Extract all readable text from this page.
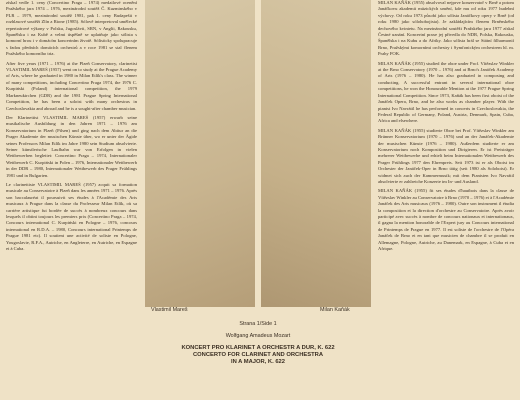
získal vedle 1. ceny (Concertino Praga – 1974) medailové ocenění Pražského jara 1974 – 1976, mezinárodní soutěž Č. Kuzminského v PLR – 1979, mezinárodní soutěž 1981, pak 1. ceny Budapešti v rozhlasové soutěži Zlín a Rione (1985). Sólově interpretoval umělecké repertoárové výkony v Polsku, Jugoslávii, SRN, v Anglii, Rakousku, Španělsku i na Kubě a velmi úspěšně se uplatňuje jako sólista s komorní hrou i v domácím koncertním životě. Sólisticky spolupracuje s řadou předních domácích orchestrů a v roce 1981 se stal členem Pražského komorního tria.

After five years (1971 – 1976) at the Plzeň Conservatory, clarinetist VLASTIMIL MAREŠ (1957) went on to study at the Prague Academy of Arts, where he graduated in 1980 in Milan Etlík's class. The winner of many competitions, including Concertino Praga 1974, the 1976 C. Kurpiński (Poland) international competition, the 1979 Markneukirchen (GDR) and the 1981 Prague Spring International Competition, he has been a soloist with many orchestras in Czechoslovakia and abroad and he is a sought-after chamber musician.

Der Klarinettist VLASTIMIL MAREŠ (1957) erwarb seine musikalische Ausbildung in den Jahren 1971 – 1976 am Konservatorium in Plzeň (Pilsen) und ging nach dem Abitur an die Prager Akademie der musischen Künste über, wo er unter der Ägide seines Professors Milan Etlík im Jahre 1980 sein Studium absolvierte. Seiner künstlerische Laufbahn war von Erfolgen in vielen Wettbewerben begleitet: Concertino Praga – 1974, Internationaler Wettbewerb C. Kurpiński in Polen – 1976, Internationaler Wettbewerb in der DDR – 1980, Internationaler Wettbewerb des Prager Frühlings 1981 und in Bulgarien.

Le clarinettiste VLASTIMIL MAREŠ (1957) acquit sa formation musicale au Conservatoire à Plzeň dans les années 1971 – 1976. Après son baccalauréat il poursuivit ses études à l'Académie des Arts musicaux à Prague dans la classe du Professeur Milan Etlík, où sa carrière artistique fut bordée de succès à nombreux concours dans lesquels il obtint toujours les premiers prix (Concertino Praga – 1974, Concours international C. Kurpiński en Pologne – 1976, concours international en R.D.A. – 1980, Concours international Printemps de Prague 1981 etc). Il soutient une activité de soliste en Pologne, Yougoslavie, R.F.A., Autriche, en Angleterre, en Autriche, en Espagne et à Cuba.

Vlastimil Mareš	Milan Kaňák
Strana 1/Side 1
Wolfgang Amadeus Mozart
KONCERT PRO KLARINET A ORCHESTR A DUR, K. 622
CONCERTO FOR CLARINET AND ORCHESTRA
IN A MAJOR, K. 622

MILAN KAŇÁK (1955) absolvoval nejprve konzervatoř v Brně a potom Janáčkovu akademii múzických umění, kde mu od roku 1977 hudební výchovy. Od roku 1973 působí jako sólista Janáčkovy opery v Brně (od roku 1980 jako sólohobojista). Je zakládajícím členem Brněnského dechového kvintetu. Na mezinárodní soutěži Pražského jara 1977 získal Čestné uznání. Koncertní praxe jej přivedla do NDR, Polska, Rakouska, Španělska i na Kubu a do Afriky. Jako sólista hrál se Státní filharmonií Brno, Pražskými komorními orchestry i Symfonickým orchestrem hl. m. Prahy FOK.

MILAN KAŇÁK (1955) studied the oboe under Prof. Vítězslav Winkler at the Brno Conservatory (1970 – 1976) and at Brno's Janáček Academy of Arts (1976 – 1980). He has also graduated in composing and conducting. A successful entrant in several international oboe competitions, he won the Honourable Mention at the 1977 Prague Spring International Competition. Since 1973, Kaňák has been first oboist of the Janáček Opera, Brno, and he also works as chamber player. With the pianist Ivo Navrátil he has performed in concerts in Czechoslovakia, the Federal Republic of Germany, Poland, Austria, Denmark, Spain, Cuba, Africa and elsewhere.

MILAN KAŇÁK (1955) studierte Oboe bei Prof. Vítězslav Winkler am Brünner Konservatorium (1970 – 1976) und an der Janáček-Akademie der musischen Künste (1976 – 1980). Außerdem studierte er am Konservatorium noch Komposition und Dirigieren. Er ist Preisträger mehrerer Wettbewerbe und erhielt beim Internationalen Wettbewerb des Prager Frühlings 1977 den Ehrenpreis. Seit 1973 ist er als Oboist im Orchester der Janáček-Oper in Brno tätig (seit 1980 als Soloboist). Er widmet sich auch der Kammermusik; mit dem Pianisten Ivo Navrátil absolvierte er zahlreiche Konzerte im In- und Ausland.

MILAN KAŇÁK (1955) fit ses études d'hautbois dans la classe de Vítězslav Winkler au Conservatoire à Brno (1970 – 1976) et à l'Académie Janáček des Arts musicaux (1976 – 1980). Outre son instrument il étudia la composition et la direction d'orchestre au Conservatoire. Après avoir participé avec succès à nombre de concours nationaux et internationaux, il gagna la mention honorable de l'Expert jury au Concours international de Printemps de Prague en 1977. Il est soliste de l'orchestre de l'Opéra Janáček de Brno et en tant que musicien de chambre il se produit en Allemagne, Pologne, Autriche, au Danemark, en Espagne, à Cuba et en Afrique.
